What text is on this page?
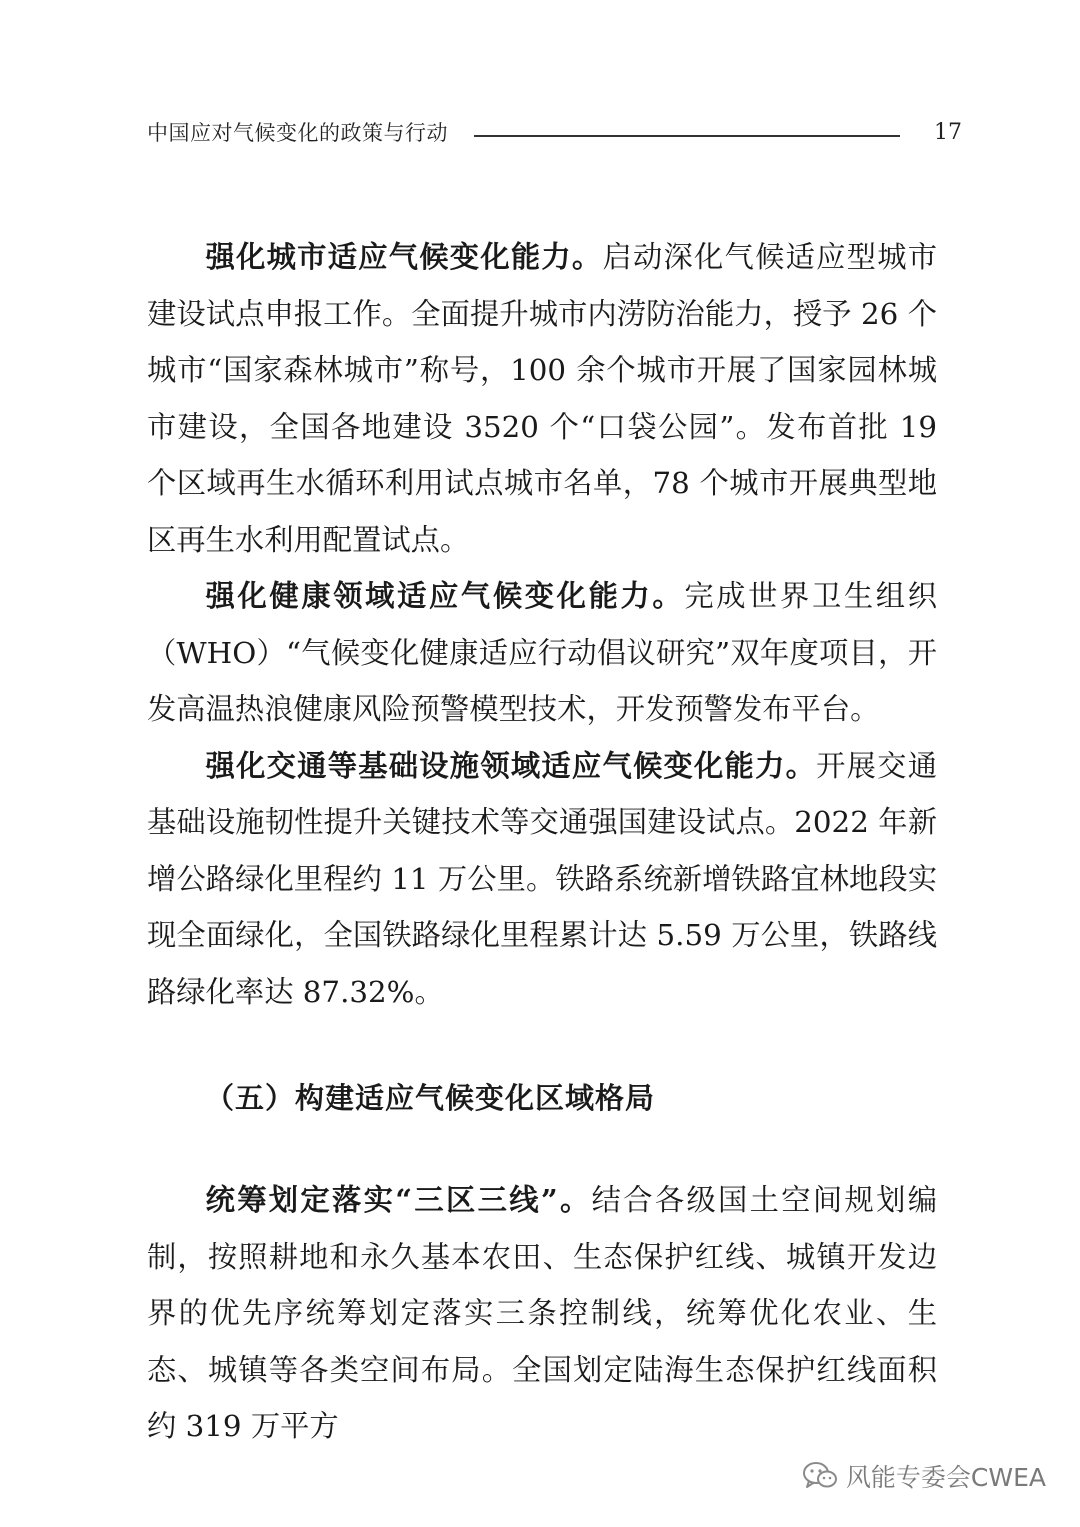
中国应对气候变化的政策与行动	17

强化城市适应气候变化能力。启动深化气候适应型城市建设试点申报工作。全面提升城市内涝防治能力，授予 26 个城市“国家森林城市”称号，100 余个城市开展了国家园林城市建设，全国各地建设 3520 个“口袋公园”。发布首批 19 个区域再生水循环利用试点城市名单，78 个城市开展典型地区再生水利用配置试点。

强化健康领域适应气候变化能力。完成世界卫生组织（WHO）“气候变化健康适应行动倡议研究”双年度项目，开发高温热浪健康风险预警模型技术，开发预警发布平台。

强化交通等基础设施领域适应气候变化能力。开展交通基础设施韧性提升关键技术等交通强国建设试点。2022 年新增公路绿化里程约 11 万公里。铁路系统新增铁路宜林地段实现全面绿化，全国铁路绿化里程累计达 5.59 万公里，铁路线路绿化率达 87.32%。

（五）构建适应气候变化区域格局

统筹划定落实“三区三线”。结合各级国土空间规划编制，按照耕地和永久基本农田、生态保护红线、城镇开发边界的优先序统筹划定落实三条控制线，统筹优化农业、生态、城镇等各类空间布局。全国划定陆海生态保护红线面积约 319 万平方

风能专委会CWEA
